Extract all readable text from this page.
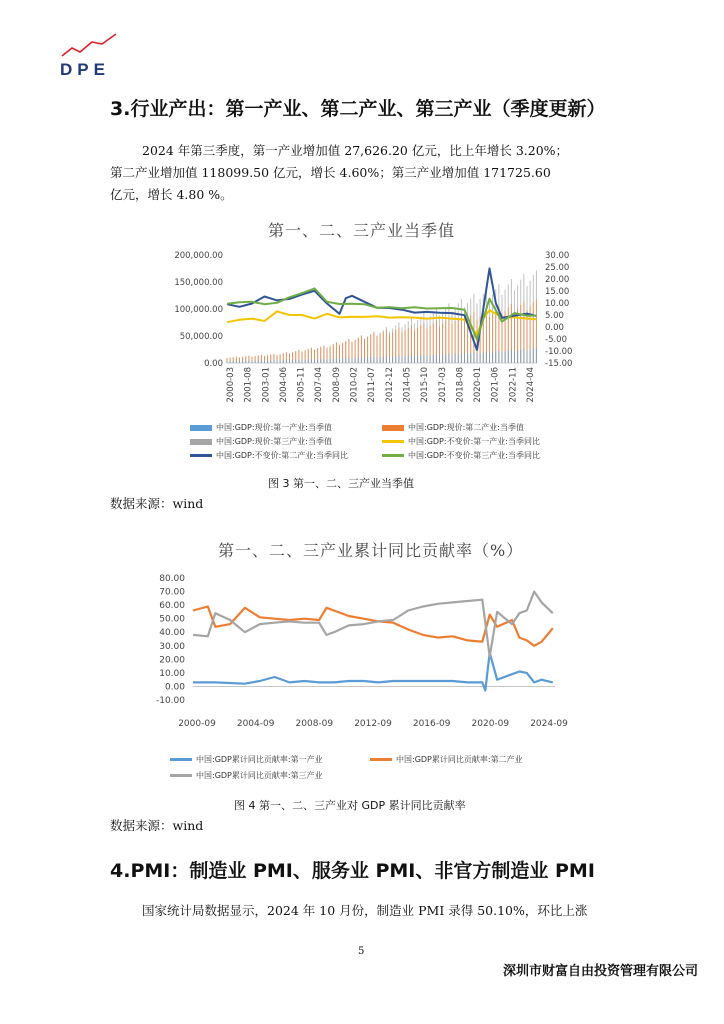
DPE
3.行业产出：第一产业、第二产业、第三产业（季度更新）
2024 年第三季度，第一产业增加值 27,626.20 亿元，比上年增长 3.20%；
第二产业增加值 118099.50 亿元，增长 4.60%；第三产业增加值 171725.60
亿元，增长 4.80 %。
第一、二、三产业当季值
200,000.00
150,000.00
100,000.00
50,000.00
0.00
30.00
25.00
20.00
15.00
10.00
5.00
0.00
-5.00
-10.00
-15.00
2000-03 2001-08 2003-01 2004-06 2005-11 2007-04 2008-09 2010-02 2011-07 2012-12 2014-05 2015-10 2017-03 2018-08 2020-01 2021-06 2022-11 2024-04
中国:GDP:现价:第一产业:当季值	中国:GDP:现价:第二产业:当季值
中国:GDP:现价:第三产业:当季值	中国:GDP:不变价:第一产业:当季同比
中国:GDP:不变价:第二产业:当季同比	中国:GDP:不变价:第三产业:当季同比
图 3 第一、二、三产业当季值
数据来源：wind
第一、二、三产业累计同比贡献率（%）
80.00
70.00
60.00
50.00
40.00
30.00
20.00
10.00
0.00
-10.00
2000-09 2004-09 2008-09 2012-09 2016-09 2020-09 2024-09
中国:GDP累计同比贡献率:第一产业	中国:GDP累计同比贡献率:第二产业
中国:GDP累计同比贡献率:第三产业
图 4 第一、二、三产业对 GDP 累计同比贡献率
数据来源：wind
4.PMI：制造业 PMI、服务业 PMI、非官方制造业 PMI
国家统计局数据显示，2024 年 10 月份，制造业 PMI 录得 50.10%，环比上涨
5
深圳市财富自由投资管理有限公司
